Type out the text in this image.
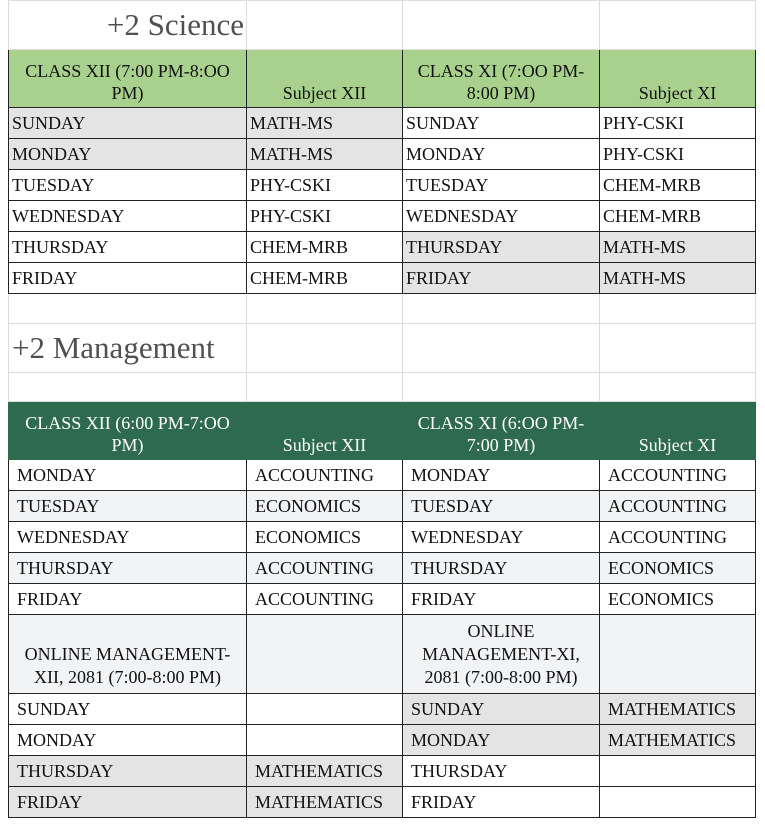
+2 Science			
CLASS XII (7:00 PM-8:OO PM)	Subject XII	CLASS XI (7:OO PM-8:00 PM)	Subject XI
SUNDAY	MATH-MS	SUNDAY	PHY-CSKI
MONDAY	MATH-MS	MONDAY	PHY-CSKI
TUESDAY	PHY-CSKI	TUESDAY	CHEM-MRB
WEDNESDAY	PHY-CSKI	WEDNESDAY	CHEM-MRB
THURSDAY	CHEM-MRB	THURSDAY	MATH-MS
FRIDAY	CHEM-MRB	FRIDAY	MATH-MS

+2 Management			

CLASS XII (6:00 PM-7:OO PM)	Subject XII	CLASS XI (6:OO PM- 7:00 PM)	Subject XI
MONDAY	ACCOUNTING	MONDAY	ACCOUNTING
TUESDAY	ECONOMICS	TUESDAY	ACCOUNTING
WEDNESDAY	ECONOMICS	WEDNESDAY	ACCOUNTING
THURSDAY	ACCOUNTING	THURSDAY	ECONOMICS
FRIDAY	ACCOUNTING	FRIDAY	ECONOMICS
ONLINE MANAGEMENT-XII, 2081 (7:00-8:00 PM)		ONLINE MANAGEMENT-XI, 2081 (7:00-8:00 PM)	
SUNDAY		SUNDAY	MATHEMATICS
MONDAY		MONDAY	MATHEMATICS
THURSDAY	MATHEMATICS	THURSDAY	
FRIDAY	MATHEMATICS	FRIDAY	
